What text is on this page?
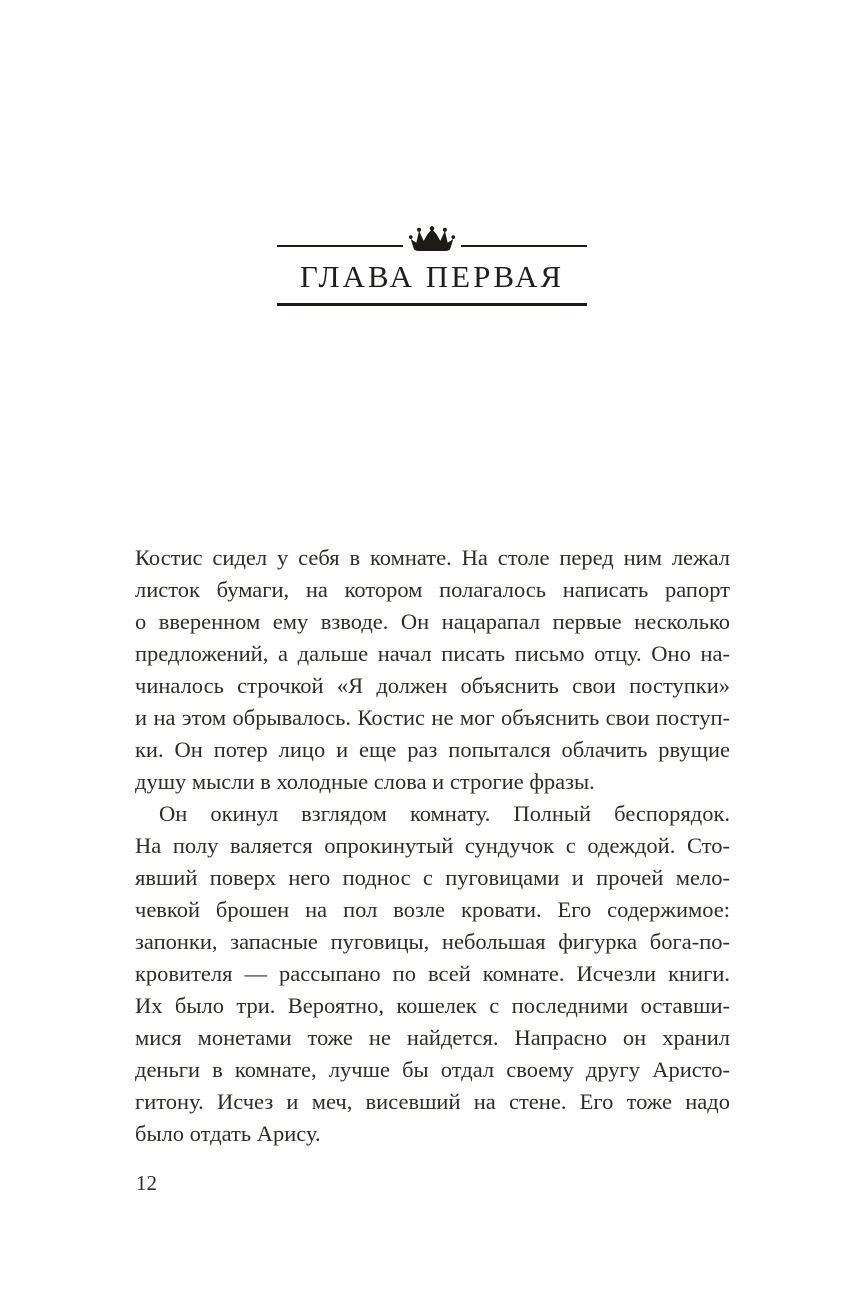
ГЛАВА ПЕРВАЯ
Костис сидел у себя в комнате. На столе перед ним лежал
листок бумаги, на котором полагалось написать рапорт
о вверенном ему взводе. Он нацарапал первые несколько
предложений, а дальше начал писать письмо отцу. Оно на-
чиналось строчкой «Я должен объяснить свои поступки»
и на этом обрывалось. Костис не мог объяснить свои поступ-
ки. Он потер лицо и еще раз попытался облачить рвущие
душу мысли в холодные слова и строгие фразы.
Он окинул взглядом комнату. Полный беспорядок.
На полу валяется опрокинутый сундучок с одеждой. Сто-
явший поверх него поднос с пуговицами и прочей мело-
чевкой брошен на пол возле кровати. Его содержимое:
запонки, запасные пуговицы, небольшая фигурка бога-по-
кровителя — рассыпано по всей комнате. Исчезли книги.
Их было три. Вероятно, кошелек с последними оставши-
мися монетами тоже не найдется. Напрасно он хранил
деньги в комнате, лучше бы отдал своему другу Аристо-
гитону. Исчез и меч, висевший на стене. Его тоже надо
было отдать Арису.
12
